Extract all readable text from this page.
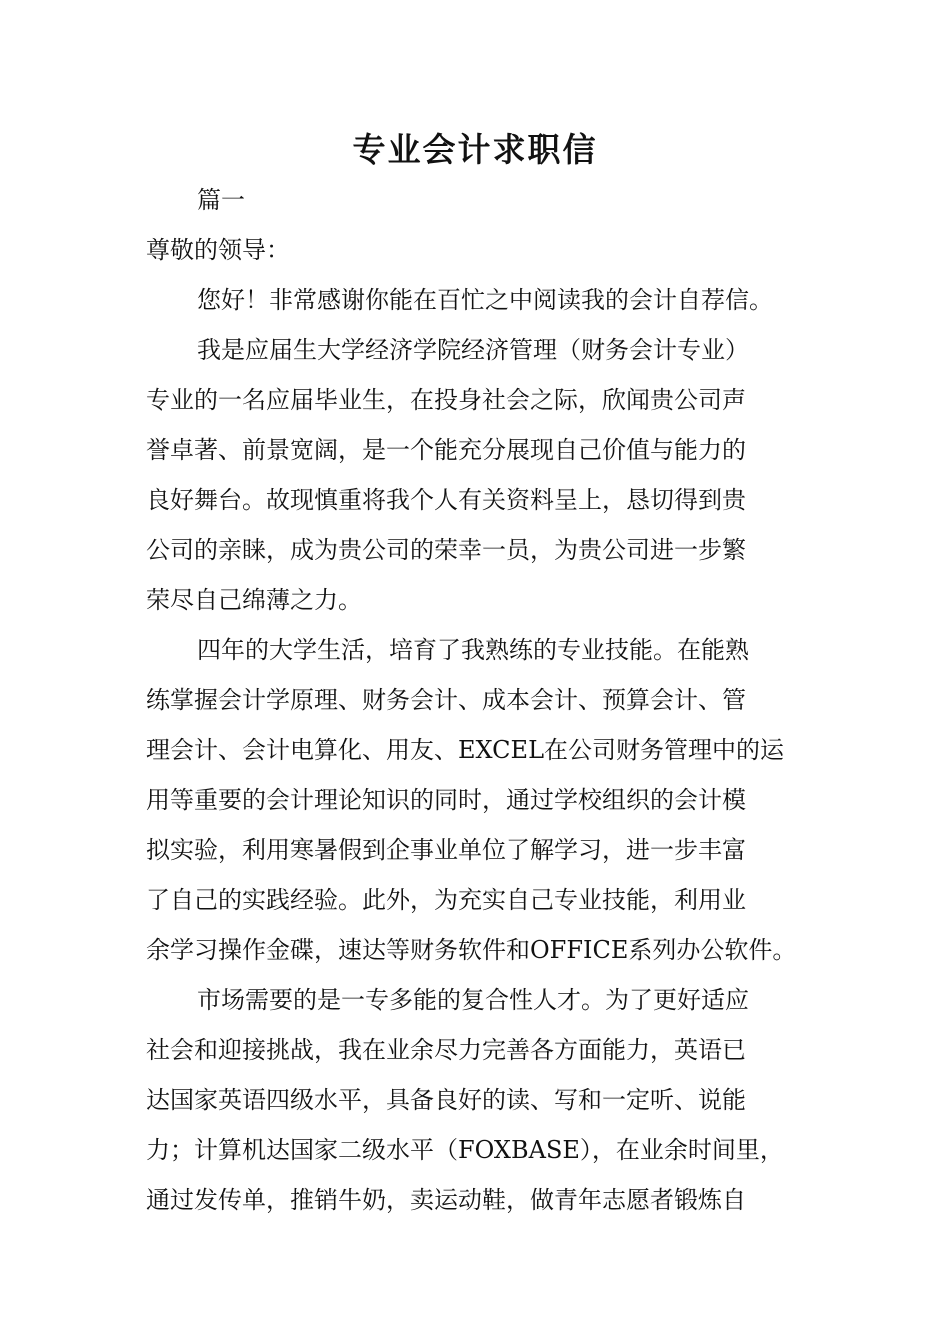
专业会计求职信

篇一

尊敬的领导：

您好！非常感谢你能在百忙之中阅读我的会计自荐信。

我是应届生大学经济学院经济管理（财务会计专业）

专业的一名应届毕业生，在投身社会之际，欣闻贵公司声

誉卓著、前景宽阔，是一个能充分展现自己价值与能力的

良好舞台。故现慎重将我个人有关资料呈上，恳切得到贵

公司的亲睐，成为贵公司的荣幸一员，为贵公司进一步繁

荣尽自己绵薄之力。

四年的大学生活，培育了我熟练的专业技能。在能熟

练掌握会计学原理、财务会计、成本会计、预算会计、管

理会计、会计电算化、用友、EXCEL在公司财务管理中的运

用等重要的会计理论知识的同时，通过学校组织的会计模

拟实验，利用寒暑假到企事业单位了解学习，进一步丰富

了自己的实践经验。此外，为充实自己专业技能，利用业

余学习操作金碟，速达等财务软件和OFFICE系列办公软件。

市场需要的是一专多能的复合性人才。为了更好适应

社会和迎接挑战，我在业余尽力完善各方面能力，英语已

达国家英语四级水平，具备良好的读、写和一定听、说能

力；计算机达国家二级水平（FOXBASE），在业余时间里，

通过发传单，推销牛奶，卖运动鞋，做青年志愿者锻炼自
